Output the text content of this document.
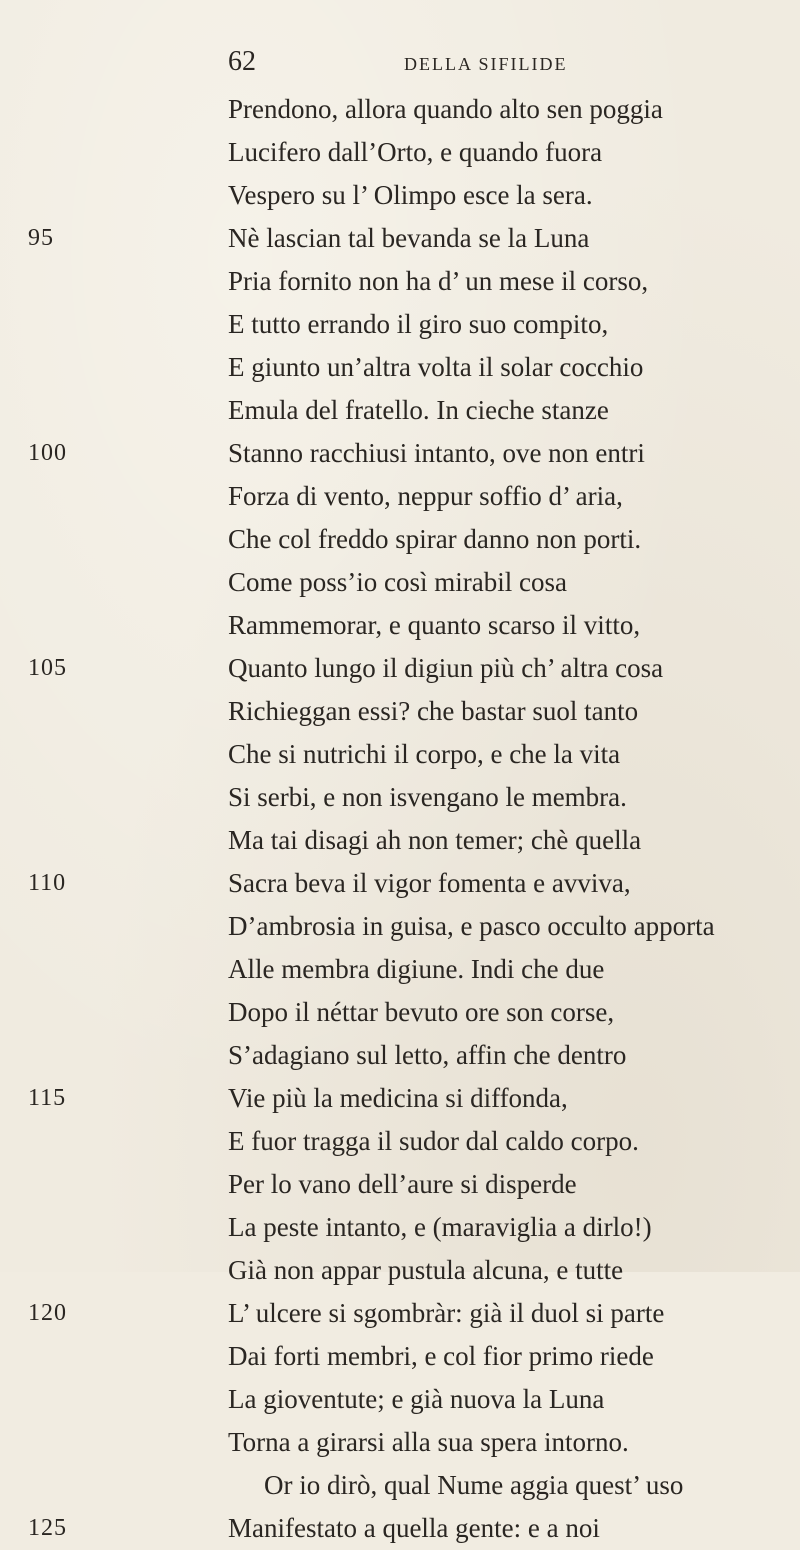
62	DELLA SIFILIDE
Prendono, allora quando alto sen poggia
Lucifero dall’Orto, e quando fuora
Vespero su l’ Olimpo esce la sera.
95	Nè lascian tal bevanda se la Luna
Pria fornito non ha d’ un mese il corso,
E tutto errando il giro suo compito,
E giunto un’altra volta il solar cocchio
Emula del fratello. In cieche stanze
100	Stanno racchiusi intanto, ove non entri
Forza di vento, neppur soffio d’ aria,
Che col freddo spirar danno non porti.
Come poss’io così mirabil cosa
Rammemorar, e quanto scarso il vitto,
105	Quanto lungo il digiun più ch’ altra cosa
Richieggan essi? che bastar suol tanto
Che si nutrichi il corpo, e che la vita
Si serbi, e non isvengano le membra.
Ma tai disagi ah non temer; chè quella
110	Sacra beva il vigor fomenta e avviva,
D’ambrosia in guisa, e pasco occulto apporta
Alle membra digiune. Indi che due
Dopo il néttar bevuto ore son corse,
S’adagiano sul letto, affin che dentro
115	Vie più la medicina si diffonda,
E fuor tragga il sudor dal caldo corpo.
Per lo vano dell’aure si disperde
La peste intanto, e (maraviglia a dirlo!)
Già non appar pustula alcuna, e tutte
120	L’ ulcere si sgombràr: già il duol si parte
Dai forti membri, e col fior primo riede
La gioventute; e già nuova la Luna
Torna a girarsi alla sua spera intorno.
Or io dirò, qual Nume aggia quest’ uso
125	Manifestato a quella gente: e a noi
